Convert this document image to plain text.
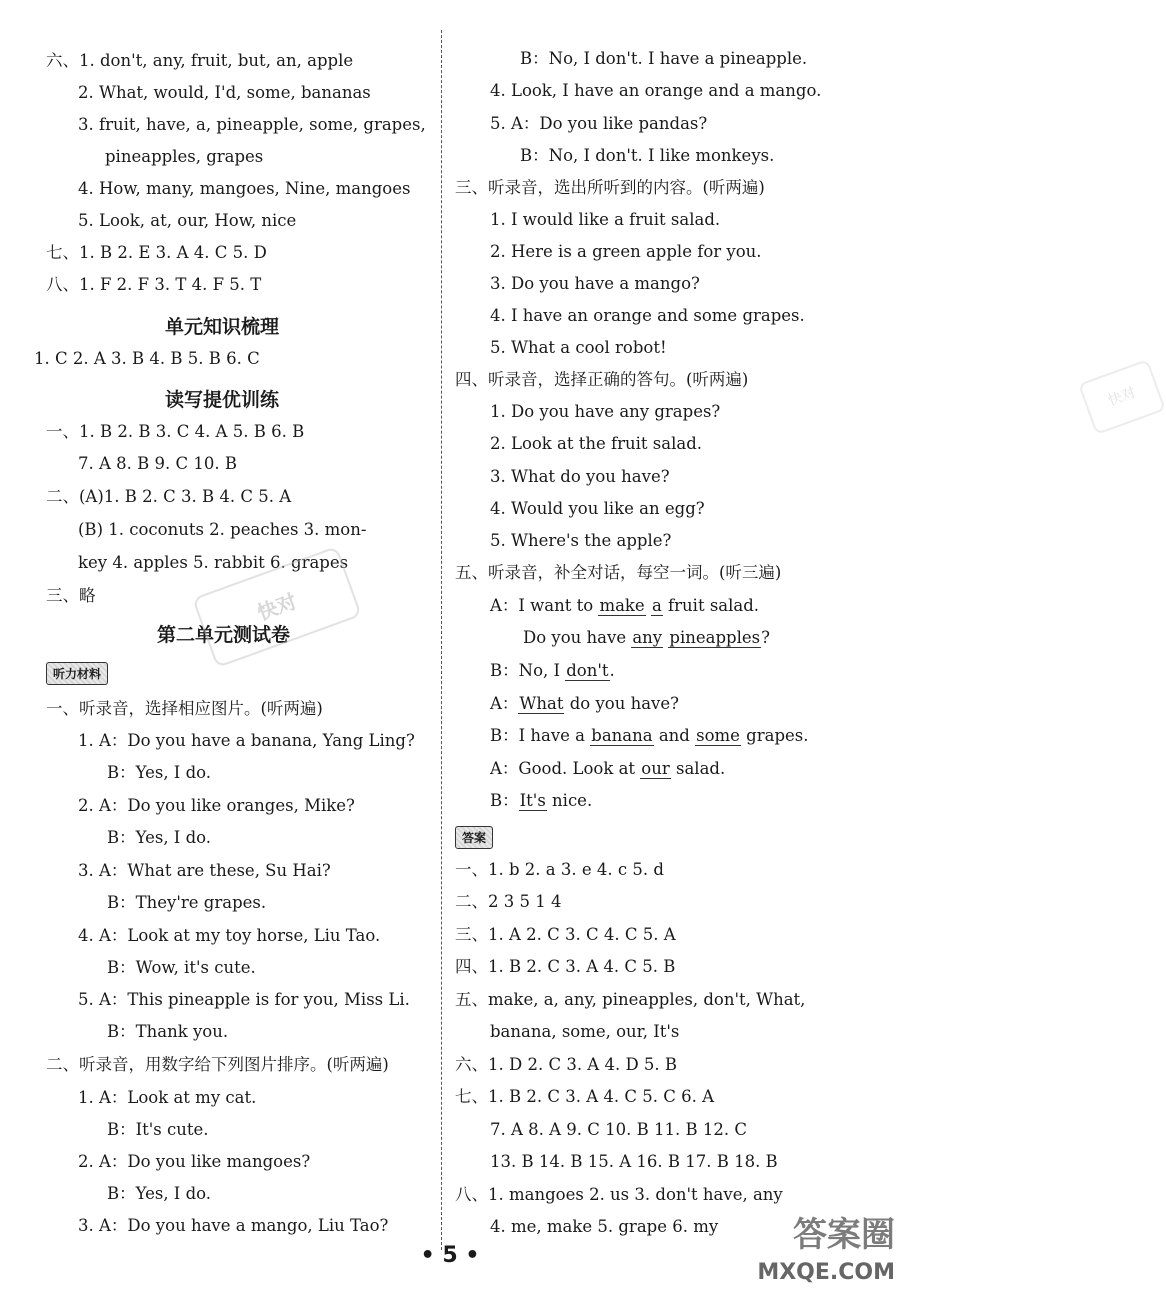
六、1. don't, any, fruit, but, an, apple
2. What, would, I'd, some, bananas
3. fruit, have, a, pineapple, some, grapes,
pineapples, grapes
4. How, many, mangoes, Nine, mangoes
5. Look, at, our, How, nice
七、1. B 2. E 3. A 4. C 5. D
八、1. F 2. F 3. T 4. F 5. T
单元知识梳理
1. C 2. A 3. B 4. B 5. B 6. C
读写提优训练
一、1. B 2. B 3. C 4. A 5. B 6. B
7. A 8. B 9. C 10. B
二、(A)1. B 2. C 3. B 4. C 5. A
(B) 1. coconuts 2. peaches 3. mon-
key 4. apples 5. rabbit 6. grapes
三、略
第二单元测试卷
听力材料
一、听录音，选择相应图片。(听两遍)
1. A：Do you have a banana, Yang Ling?
B：Yes, I do.
2. A：Do you like oranges, Mike?
B：Yes, I do.
3. A：What are these, Su Hai?
B：They're grapes.
4. A：Look at my toy horse, Liu Tao.
B：Wow, it's cute.
5. A：This pineapple is for you, Miss Li.
B：Thank you.
二、听录音，用数字给下列图片排序。(听两遍)
1. A：Look at my cat.
B：It's cute.
2. A：Do you like mangoes?
B：Yes, I do.
3. A：Do you have a mango, Liu Tao?
快对
B：No, I don't. I have a pineapple.
4. Look, I have an orange and a mango.
5. A：Do you like pandas?
B：No, I don't. I like monkeys.
三、听录音，选出所听到的内容。(听两遍)
1. I would like a fruit salad.
2. Here is a green apple for you.
3. Do you have a mango?
4. I have an orange and some grapes.
5. What a cool robot!
四、听录音，选择正确的答句。(听两遍)
1. Do you have any grapes?
2. Look at the fruit salad.
3. What do you have?
4. Would you like an egg?
5. Where's the apple?
五、听录音，补全对话，每空一词。(听三遍)
A：I want to make a fruit salad.
Do you have any pineapples?
B：No, I don't.
A：What do you have?
B：I have a banana and some grapes.
A：Good. Look at our salad.
B：It's nice.
答案
一、1. b 2. a 3. e 4. c 5. d
二、2 3 5 1 4
三、1. A 2. C 3. C 4. C 5. A
四、1. B 2. C 3. A 4. C 5. B
五、make, a, any, pineapples, don't, What,
banana, some, our, It's
六、1. D 2. C 3. A 4. D 5. B
七、1. B 2. C 3. A 4. C 5. C 6. A
7. A 8. A 9. C 10. B 11. B 12. C
13. B 14. B 15. A 16. B 17. B 18. B
八、1. mangoes 2. us 3. don't have, any
4. me, make 5. grape 6. my
快对
• 5 •
答案圈
MXQE.COM
